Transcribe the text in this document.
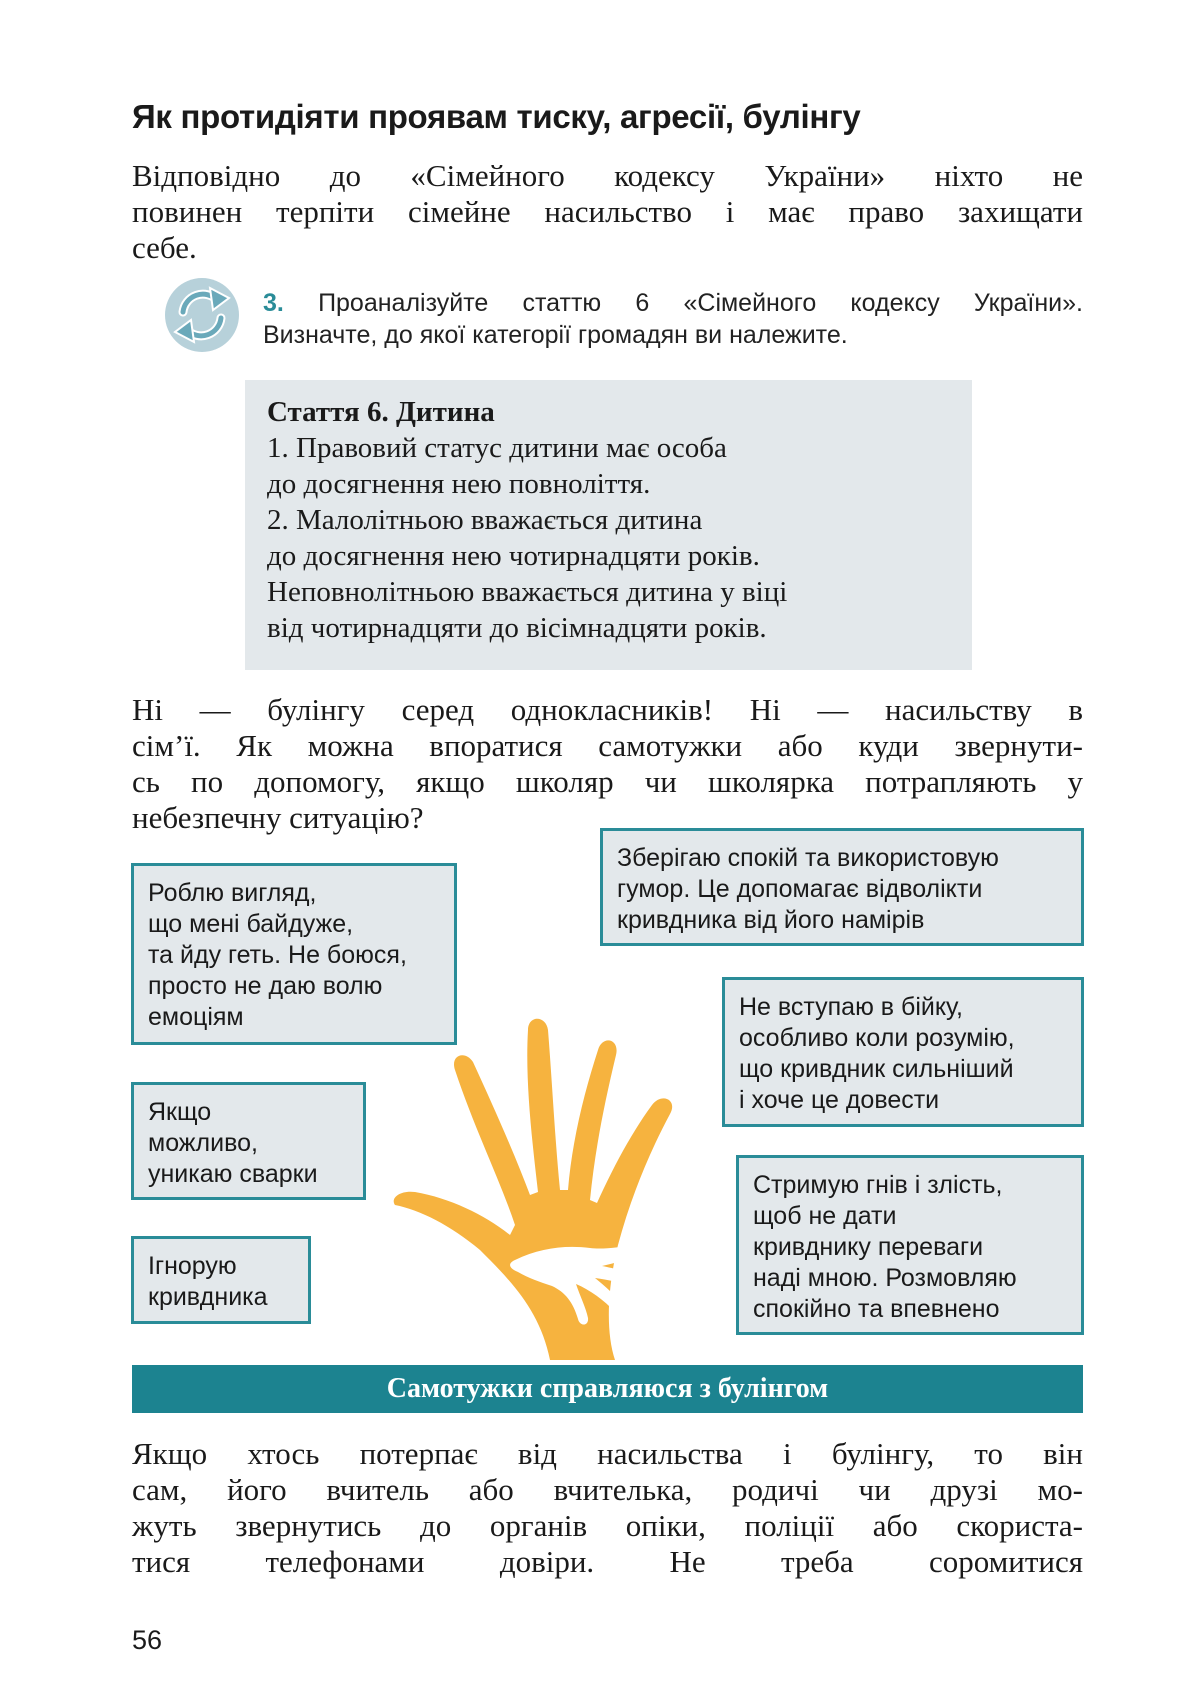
Як протидіяти проявам тиску, агресії, булінгу
Відповідно до «Сімейного кодексу України» ніхто не
повинен терпіти сімейне насильство і має право захищати
себе.
3. Проаналізуйте статтю 6 «Сімейного кодексу України».
Визначте, до якої категорії громадян ви належите.
Стаття 6. Дитина
1. Правовий статус дитини має особа
до досягнення нею повноліття.
2. Малолітньою вважається дитина
до досягнення нею чотирнадцяти років.
Неповнолітньою вважається дитина у віці
від чотирнадцяти до вісімнадцяти років.
Ні — булінгу серед однокласників! Ні — насильству в
сім’ї. Як можна впоратися самотужки або куди звернути-
сь по допомогу, якщо школяр чи школярка потрапляють у
небезпечну ситуацію?
Зберігаю спокій та використовую
гумор. Це допомагає відволікти
кривдника від його намірів
Роблю вигляд,
що мені байдуже,
та йду геть. Не боюся,
просто не даю волю
емоціям	Не вступаю в бійку,
особливо коли розумію,
що кривдник сильніший
і хоче це довести
Якщо
можливо,
уникаю сварки	Стримую гнів і злість,
щоб не дати
кривднику переваги
наді мною. Розмовляю
спокійно та впевнено
Ігнорую
кривдника
Самотужки справляюся з булінгом
Якщо хтось потерпає від насильства і булінгу, то він
сам, його вчитель або вчителька, родичі чи друзі мо-
жуть звернутись до органів опіки, поліції або скориста-
тися телефонами довіри. Не треба соромитися
56
